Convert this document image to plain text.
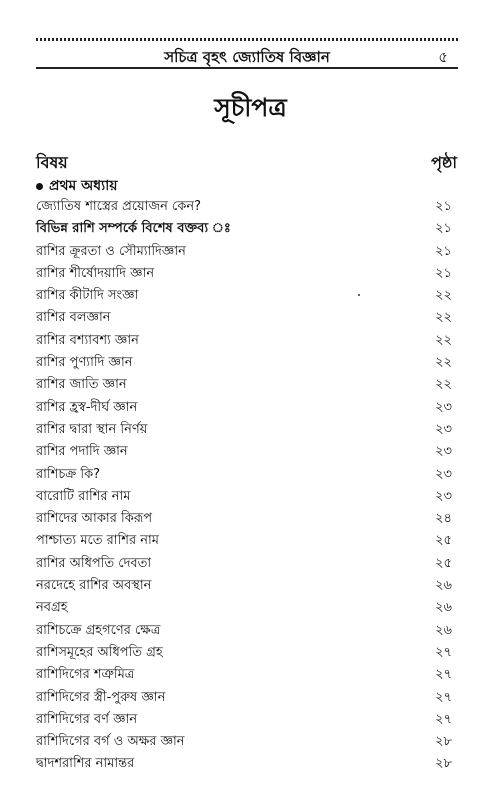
সচিত্র বৃহৎ জ্যোতিষ বিজ্ঞান	৫
সূচীপত্র
বিষয়	পৃষ্ঠা
প্রথম অধ্যায়
জ্যোতিষ শাস্ত্রের প্রয়োজন কেন?	২১
বিভিন্ন রাশি সম্পর্কে বিশেষ বক্তব্য ঃ	২১
রাশির ক্রূরতা ও সৌম্যাদিজ্ঞান	২১
রাশির শীর্ষোদয়াদি জ্ঞান	২১
রাশির কীটাদি সংজ্ঞা	২২
রাশির বলজ্ঞান	২২
রাশির বশ্যাবশ্য জ্ঞান	২২
রাশির পুণ্যাদি জ্ঞান	২২
রাশির জাতি জ্ঞান	২২
রাশির হ্রস্ব-দীর্ঘ জ্ঞান	২৩
রাশির দ্বারা স্থান নির্ণয়	২৩
রাশির পদাদি জ্ঞান	২৩
রাশিচক্র কি?	২৩
বারোটি রাশির নাম	২৩
রাশিদের আকার কিরূপ	২৪
পাশ্চাত্য মতে রাশির নাম	২৫
রাশির অধিপতি দেবতা	২৫
নরদেহে রাশির অবস্থান	২৬
নবগ্রহ	২৬
রাশিচক্রে গ্রহগণের ক্ষেত্র	২৬
রাশিসমূহের অধিপতি গ্রহ	২৭
রাশিদিগের শত্রুমিত্র	২৭
রাশিদিগের স্ত্রী-পুরুষ জ্ঞান	২৭
রাশিদিগের বর্ণ জ্ঞান	২৭
রাশিদিগের বর্গ ও অক্ষর জ্ঞান	২৮
দ্বাদশরাশির নামান্তর	২৮
